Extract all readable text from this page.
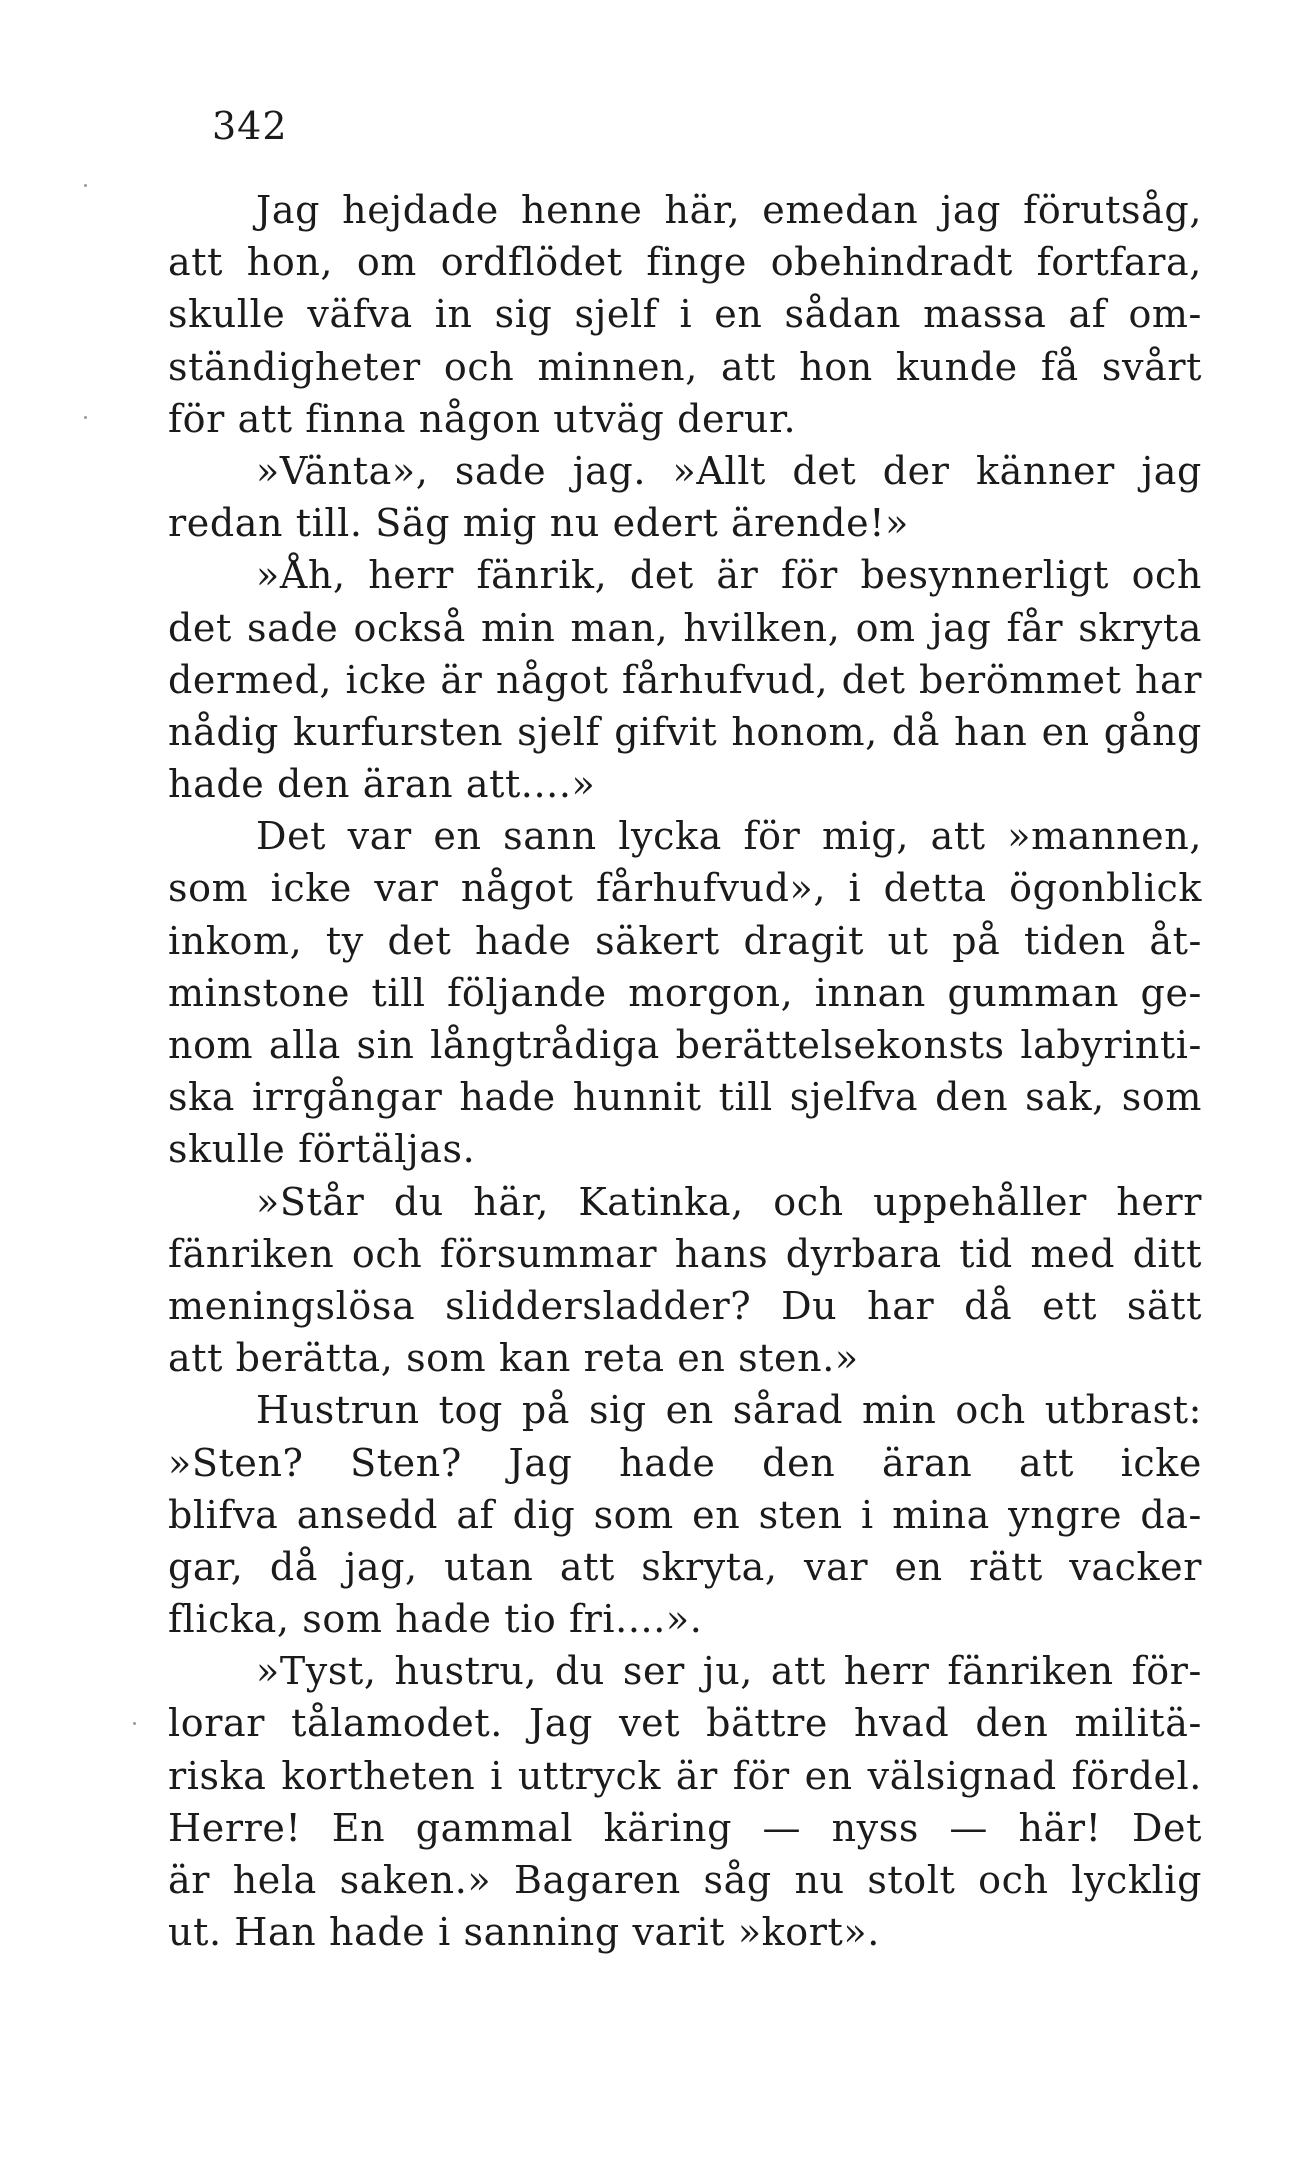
342
Jag hejdade henne här, emedan jag förutsåg,
att hon, om ordflödet finge obehindradt fortfara,
skulle väfva in sig sjelf i en sådan massa af om-
ständigheter och minnen, att hon kunde få svårt
för att finna någon utväg derur.
»Vänta», sade jag. »Allt det der känner jag
redan till. Säg mig nu edert ärende!»
»Åh, herr fänrik, det är för besynnerligt och
det sade också min man, hvilken, om jag får skryta
dermed, icke är något fårhufvud, det berömmet har
nådig kurfursten sjelf gifvit honom, då han en gång
hade den äran att....»
Det var en sann lycka för mig, att »mannen,
som icke var något fårhufvud», i detta ögonblick
inkom, ty det hade säkert dragit ut på tiden åt-
minstone till följande morgon, innan gumman ge-
nom alla sin långtrådiga berättelsekonsts labyrinti-
ska irrgångar hade hunnit till sjelfva den sak, som
skulle förtäljas.
»Står du här, Katinka, och uppehåller herr
fänriken och försummar hans dyrbara tid med ditt
meningslösa sliddersladder? Du har då ett sätt
att berätta, som kan reta en sten.»
Hustrun tog på sig en sårad min och utbrast:
»Sten? Sten? Jag hade den äran att icke
blifva ansedd af dig som en sten i mina yngre da-
gar, då jag, utan att skryta, var en rätt vacker
flicka, som hade tio fri....».
»Tyst, hustru, du ser ju, att herr fänriken för-
lorar tålamodet. Jag vet bättre hvad den militä-
riska kortheten i uttryck är för en välsignad fördel.
Herre! En gammal käring — nyss — här! Det
är hela saken.» Bagaren såg nu stolt och lycklig
ut. Han hade i sanning varit »kort».
